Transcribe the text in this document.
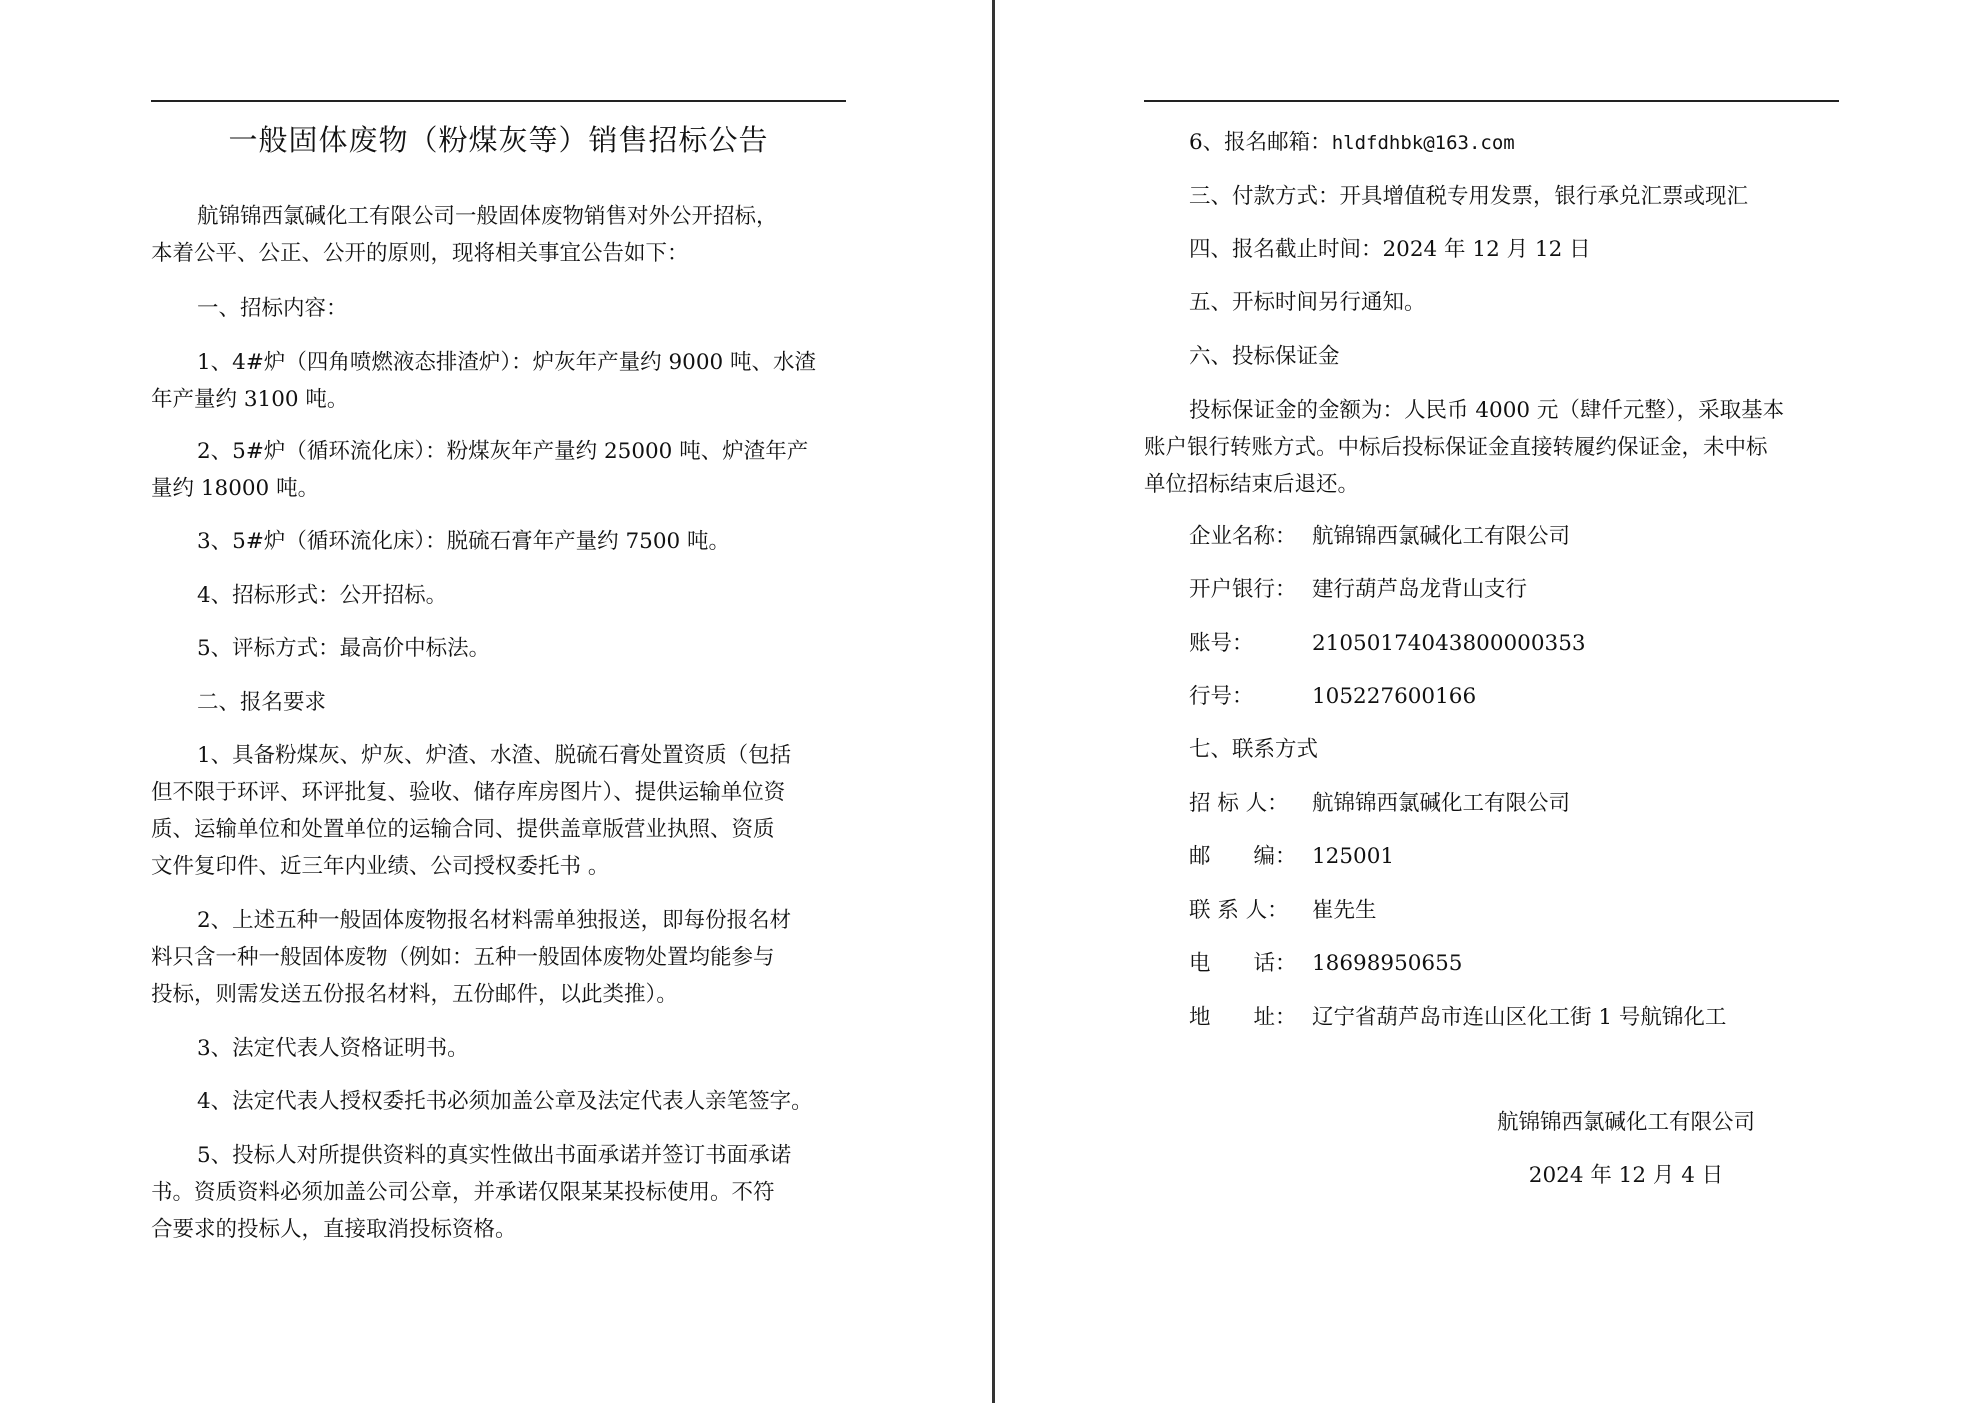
一般固体废物（粉煤灰等）销售招标公告

航锦锦西氯碱化工有限公司一般固体废物销售对外公开招标，

本着公平、公正、公开的原则，现将相关事宜公告如下：

一、招标内容：

1、4#炉（四角喷燃液态排渣炉）：炉灰年产量约 9000 吨、水渣

年产量约 3100 吨。

2、5#炉（循环流化床）：粉煤灰年产量约 25000 吨、炉渣年产

量约 18000 吨。

3、5#炉（循环流化床）：脱硫石膏年产量约 7500 吨。

4、招标形式：公开招标。

5、评标方式：最高价中标法。

二、报名要求

1、具备粉煤灰、炉灰、炉渣、水渣、脱硫石膏处置资质（包括

但不限于环评、环评批复、验收、储存库房图片）、提供运输单位资

质、运输单位和处置单位的运输合同、提供盖章版营业执照、资质

文件复印件、近三年内业绩、公司授权委托书 。

2、上述五种一般固体废物报名材料需单独报送，即每份报名材

料只含一种一般固体废物（例如：五种一般固体废物处置均能参与

投标，则需发送五份报名材料，五份邮件，以此类推）。

3、法定代表人资格证明书。

4、法定代表人授权委托书必须加盖公章及法定代表人亲笔签字。

5、投标人对所提供资料的真实性做出书面承诺并签订书面承诺

书。资质资料必须加盖公司公章，并承诺仅限某某投标使用。不符

合要求的投标人，直接取消投标资格。

6、报名邮箱：hldfdhbk@163.com

三、付款方式：开具增值税专用发票，银行承兑汇票或现汇

四、报名截止时间：2024 年 12 月 12 日

五、开标时间另行通知。

六、投标保证金

投标保证金的金额为：人民币 4000 元（肆仟元整），采取基本

账户银行转账方式。中标后投标保证金直接转履约保证金，未中标

单位招标结束后退还。

企业名称： 航锦锦西氯碱化工有限公司

开户银行： 建行葫芦岛龙背山支行

账号：	21050174043800000353

行号：	105227600166

七、联系方式

招 标 人： 航锦锦西氯碱化工有限公司

邮　　编： 125001

联 系 人： 崔先生

电　　话： 18698950655

地　　址： 辽宁省葫芦岛市连山区化工街 1 号航锦化工

航锦锦西氯碱化工有限公司
2024 年 12 月 4 日
